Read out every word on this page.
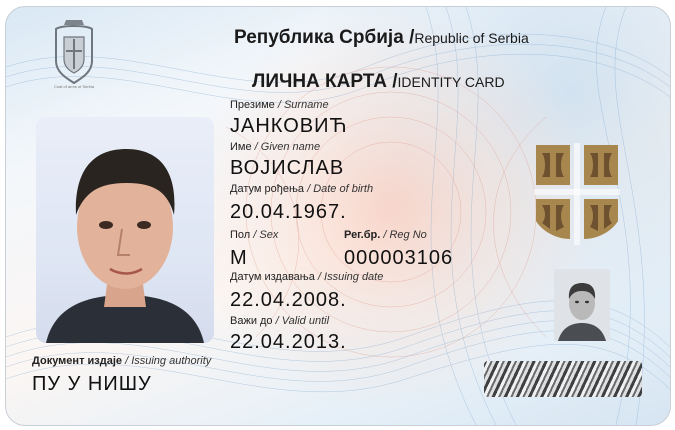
Coat of arms of Serbia
Република Србија /Republic of Serbia
ЛИЧНА КАРТА /IDENTITY CARD
Презиме / Surname
ЈАНКОВИЋ
Име / Given name
ВОЈИСЛАВ
Датум рођења / Date of birth
20.04.1967.
Пол / Sex
М
Рег.бр. / Reg No
000003106
Датум издавања / Issuing date
22.04.2008.
Важи до / Valid until
22.04.2013.
Документ издаје / Issuing authority
ПУ У НИШУ
